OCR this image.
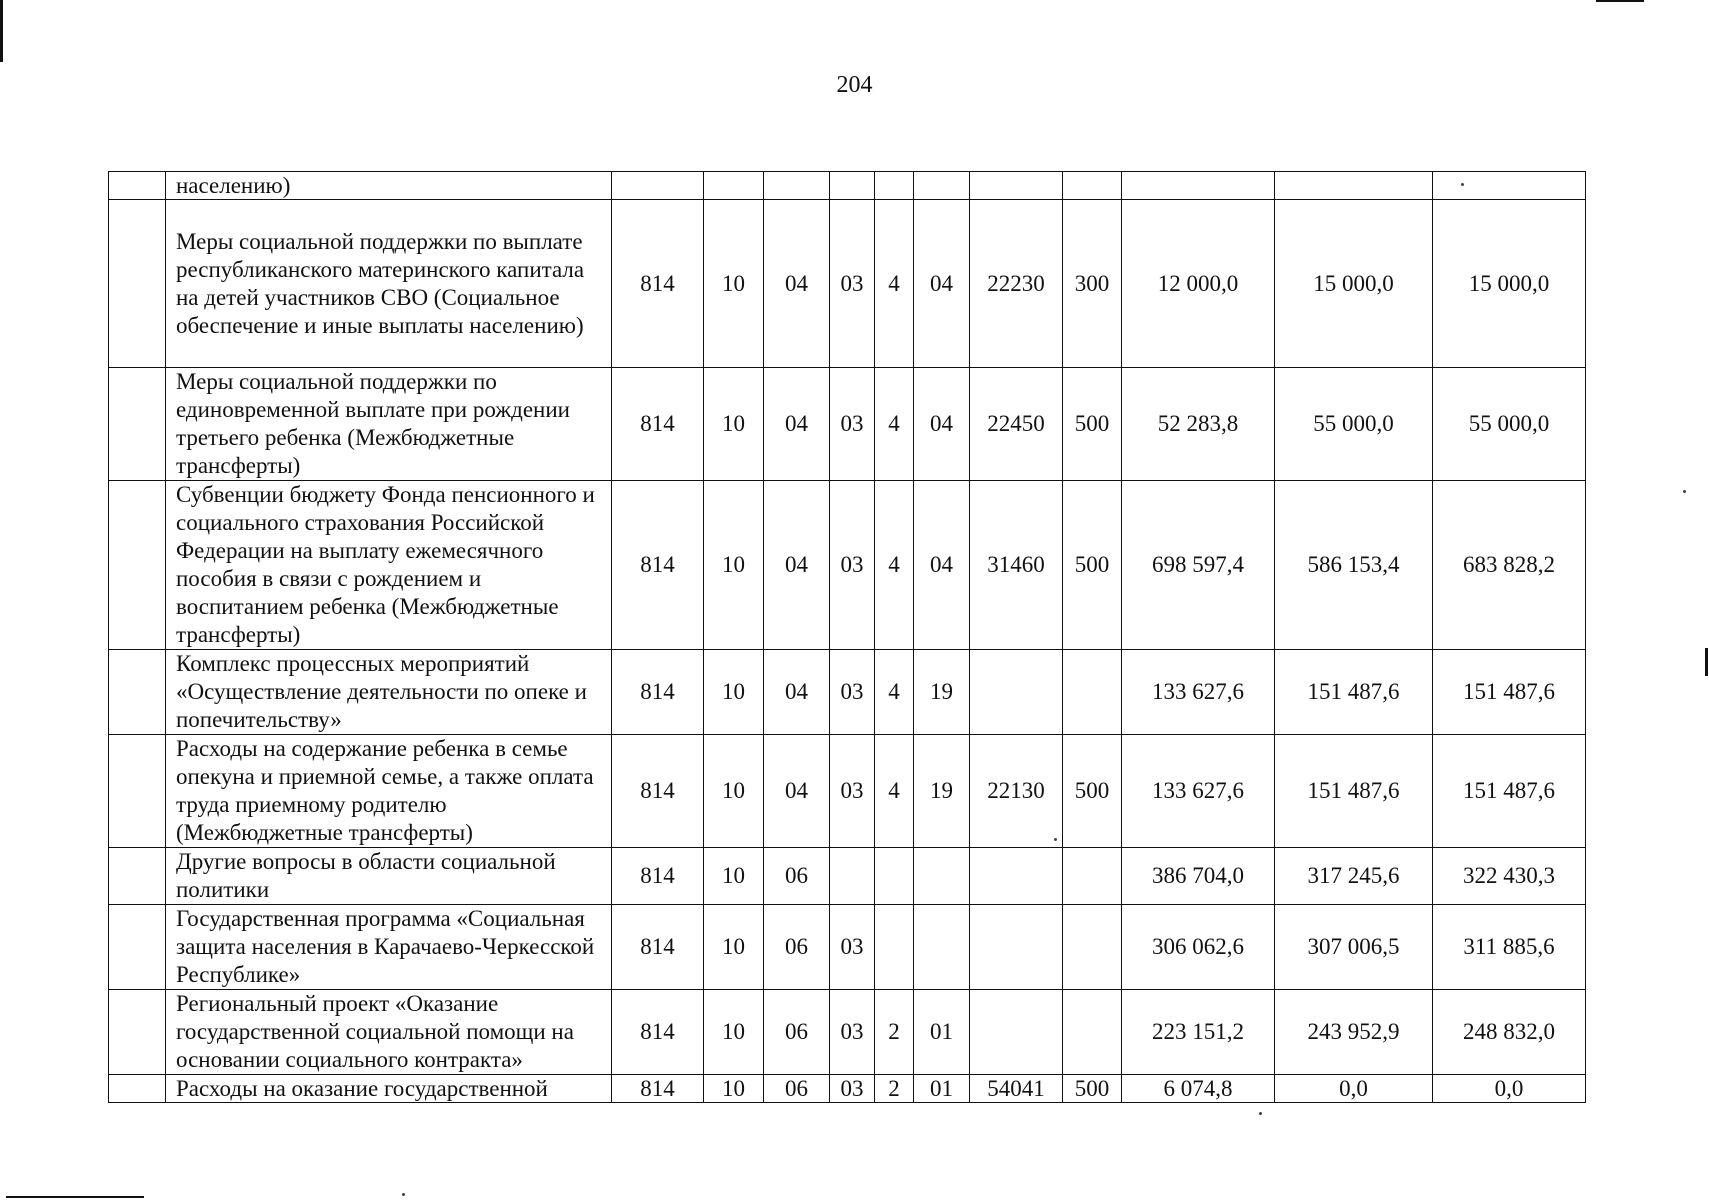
204
	населению)											
	Меры социальной поддержки по выплате республиканского материнского капитала на детей участников СВО (Социальное обеспечение и иные выплаты населению)	814	10	04	03	4	04	22230	300	12 000,0	15 000,0	15 000,0
	Меры социальной поддержки по единовременной выплате при рождении третьего ребенка (Межбюджетные трансферты)	814	10	04	03	4	04	22450	500	52 283,8	55 000,0	55 000,0
	Субвенции бюджету Фонда пенсионного и социального страхования Российской Федерации на выплату ежемесячного пособия в связи с рождением и воспитанием ребенка (Межбюджетные трансферты)	814	10	04	03	4	04	31460	500	698 597,4	586 153,4	683 828,2
	Комплекс процессных мероприятий «Осуществление деятельности по опеке и попечительству»	814	10	04	03	4	19			133 627,6	151 487,6	151 487,6
	Расходы на содержание ребенка в семье опекуна и приемной семье, а также оплата труда приемному родителю (Межбюджетные трансферты)	814	10	04	03	4	19	22130	500	133 627,6	151 487,6	151 487,6
	Другие вопросы в области социальной политики	814	10	06						386 704,0	317 245,6	322 430,3
	Государственная программа «Социальная защита населения в Карачаево-Черкесской Республике»	814	10	06	03					306 062,6	307 006,5	311 885,6
	Региональный проект «Оказание государственной социальной помощи на основании социального контракта»	814	10	06	03	2	01			223 151,2	243 952,9	248 832,0
	Расходы на оказание государственной	814	10	06	03	2	01	54041	500	6 074,8	0,0	0,0
